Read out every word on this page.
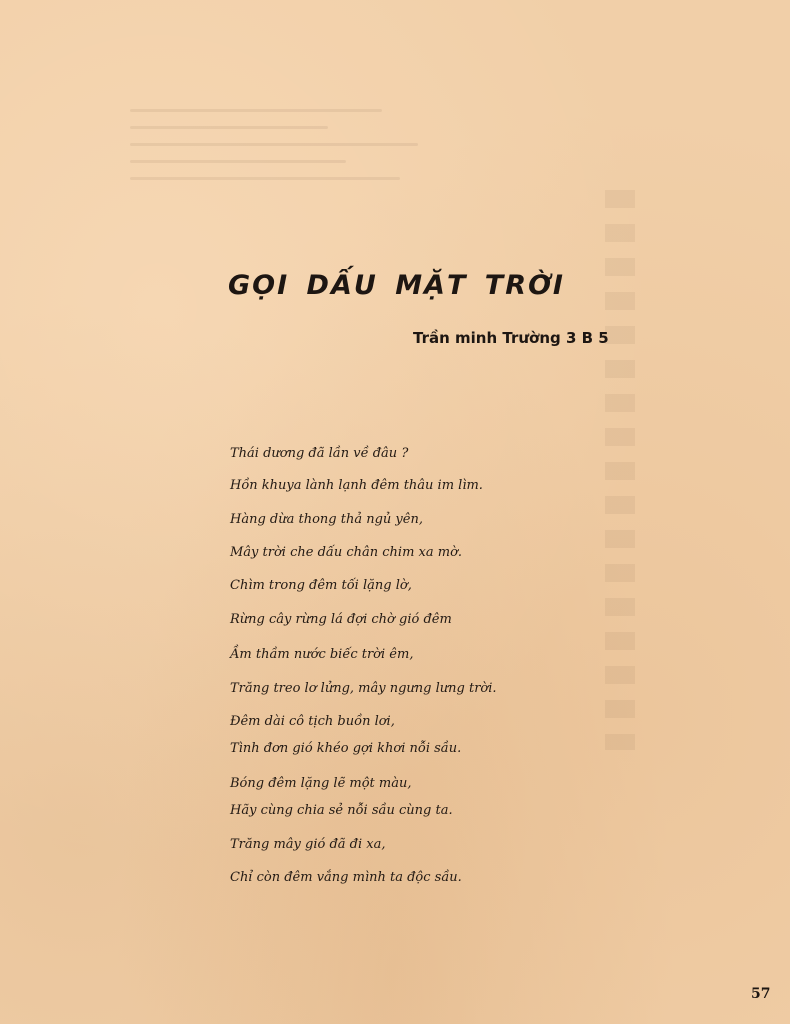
GỌI DẤU MẶT TRỜI

Trần minh Trường 3 B 5

Thái dương đã lần về đâu ?
Hồn khuya lành lạnh đêm thâu im lìm.
Hàng dừa thong thả ngủ yên,
Mây trời che dấu chân chim xa mờ.
Chìm trong đêm tối lặng lờ,
Rừng cây rừng lá đợi chờ gió đêm
Ầm thầm nước biếc trời êm,
Trăng treo lơ lửng, mây ngưng lưng trời.
Đêm dài cô tịch buồn lơi,
Tình đơn gió khéo gợi khơi nỗi sầu.
Bóng đêm lặng lẽ một màu,
Hãy cùng chia sẻ nỗi sầu cùng ta.
Trăng mây gió đã đi xa,
Chỉ còn đêm vắng mình ta độc sầu.
57
